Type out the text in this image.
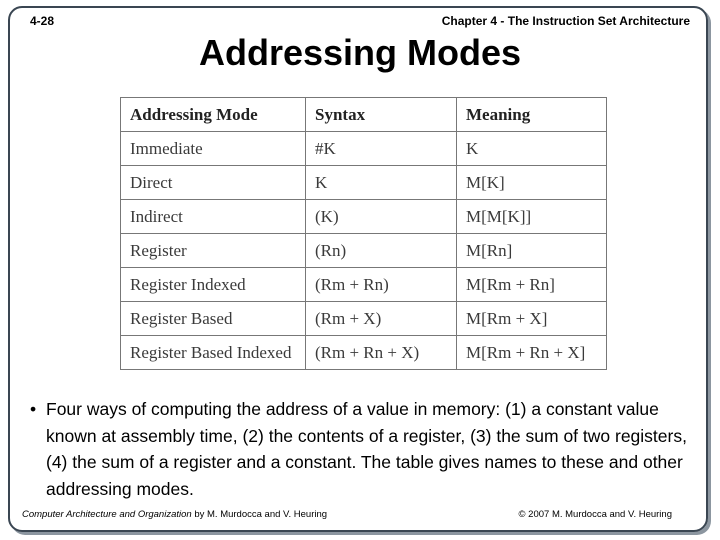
4-28	Chapter 4 - The Instruction Set Architecture
Addressing Modes
Addressing Mode	Syntax	Meaning
Immediate	#K	K
Direct	K	M[K]
Indirect	(K)	M[M[K]]
Register	(Rn)	M[Rn]
Register Indexed	(Rm + Rn)	M[Rm + Rn]
Register Based	(Rm + X)	M[Rm + X]
Register Based Indexed	(Rm + Rn + X)	M[Rm + Rn + X]
• Four ways of computing the address of a value in memory: (1) a constant value known at assembly time, (2) the contents of a register, (3) the sum of two registers, (4) the sum of a register and a constant. The table gives names to these and other addressing modes.
Computer Architecture and Organization by M. Murdocca and V. Heuring	© 2007 M. Murdocca and V. Heuring
